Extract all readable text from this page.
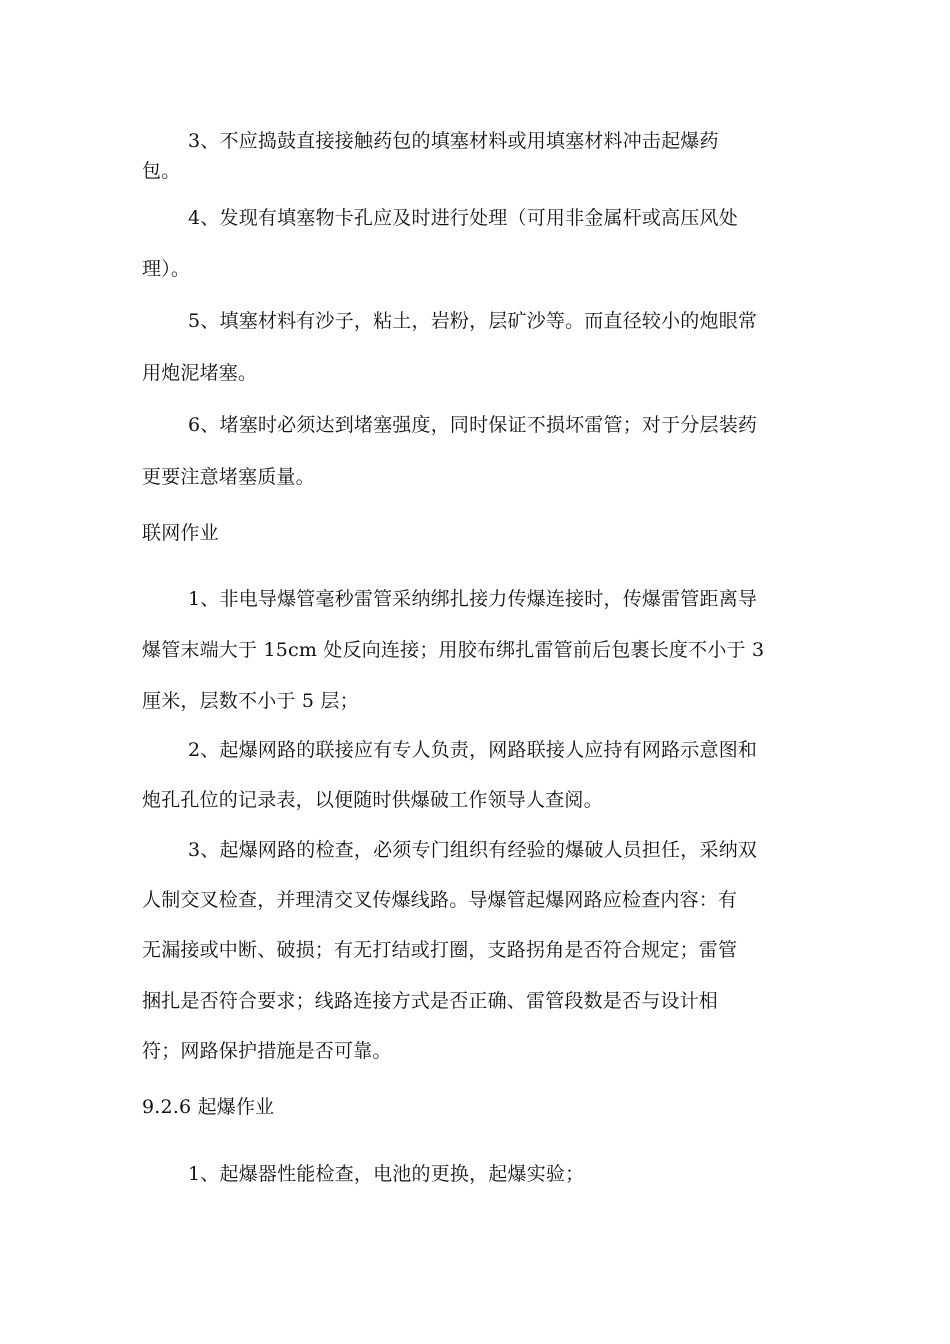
3、不应捣鼓直接接触药包的填塞材料或用填塞材料冲击起爆药
包。
4、发现有填塞物卡孔应及时进行处理（可用非金属杆或高压风处
理）。
5、填塞材料有沙子，粘土，岩粉，层矿沙等。而直径较小的炮眼常
用炮泥堵塞。
6、堵塞时必须达到堵塞强度，同时保证不损坏雷管；对于分层装药
更要注意堵塞质量。
联网作业
1、非电导爆管毫秒雷管采纳绑扎接力传爆连接时，传爆雷管距离导
爆管末端大于 15cm 处反向连接；用胶布绑扎雷管前后包裹长度不小于 3
厘米，层数不小于 5 层；
2、起爆网路的联接应有专人负责，网路联接人应持有网路示意图和
炮孔孔位的记录表，以便随时供爆破工作领导人查阅。
3、起爆网路的检查，必须专门组织有经验的爆破人员担任，采纳双
人制交叉检查，并理清交叉传爆线路。导爆管起爆网路应检查内容：有
无漏接或中断、破损；有无打结或打圈，支路拐角是否符合规定；雷管
捆扎是否符合要求；线路连接方式是否正确、雷管段数是否与设计相
符；网路保护措施是否可靠。
9.2.6 起爆作业
1、起爆器性能检查，电池的更换，起爆实验；
